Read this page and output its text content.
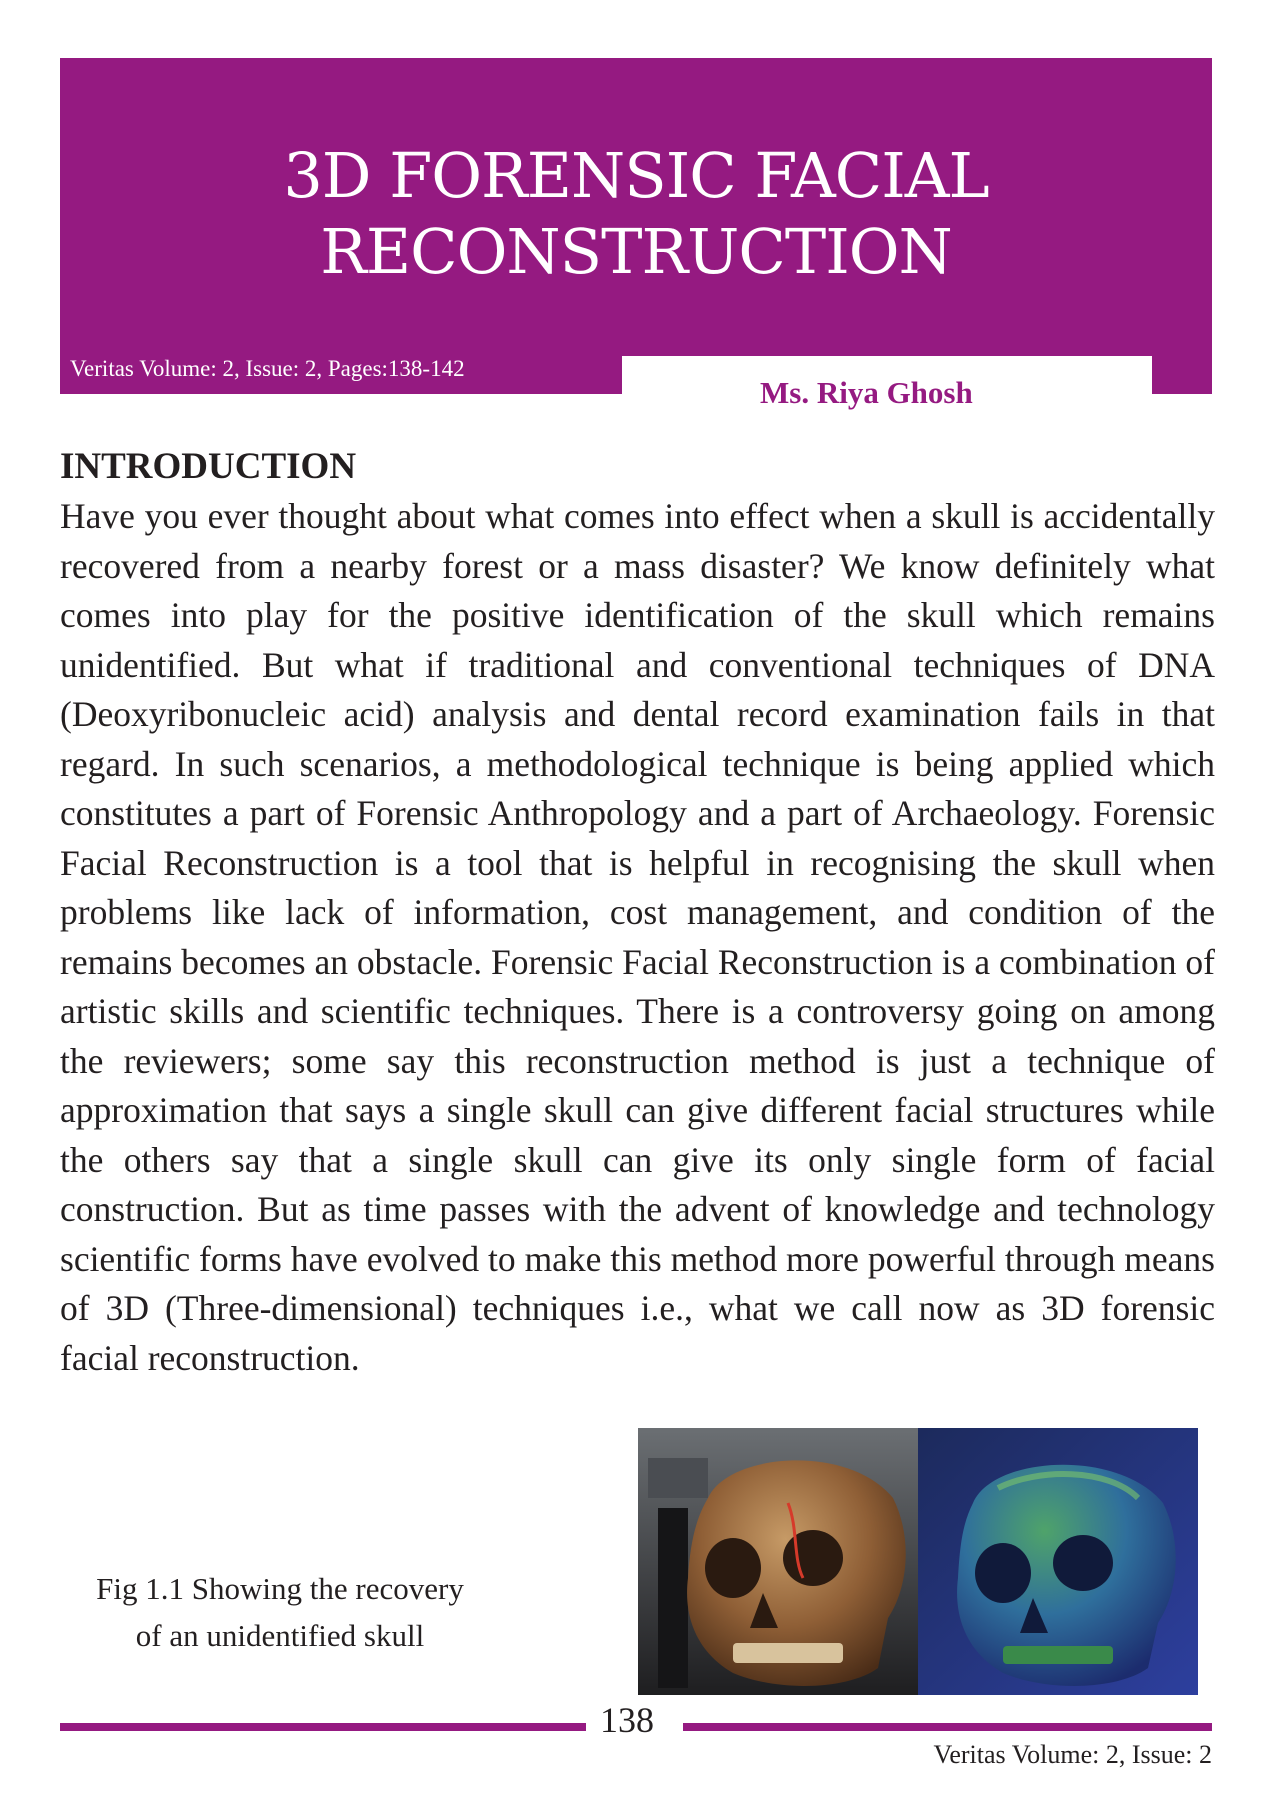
3D FORENSIC FACIAL
RECONSTRUCTION
Veritas Volume: 2, Issue: 2, Pages:138-142
Ms. Riya Ghosh
INTRODUCTION

Have you ever thought about what comes into effect when a skull is accidentally recovered from a nearby forest or a mass disaster? We know definitely what comes into play for the positive identification of the skull which remains unidentified. But what if traditional and conventional techniques of DNA (Deoxyribonucleic acid) analysis and dental record examination fails in that regard. In such scenarios, a methodological technique is being applied which constitutes a part of Forensic Anthropology and a part of Archaeology. Forensic Facial Reconstruction is a tool that is helpful in recognising the skull when problems like lack of information, cost management, and condition of the remains becomes an obstacle. Forensic Facial Reconstruction is a combination of artistic skills and scientific techniques. There is a controversy going on among the reviewers; some say this reconstruction method is just a technique of approximation that says a single skull can give different facial structures while the others say that a single skull can give its only single form of facial construction. But as time passes with the advent of knowledge and technology scientific forms have evolved to make this method more powerful through means of 3D (Three-dimensional) techniques i.e., what we call now as 3D forensic facial reconstruction.

Fig 1.1 Showing the recovery
of an unidentified skull
138
Veritas Volume: 2, Issue: 2
